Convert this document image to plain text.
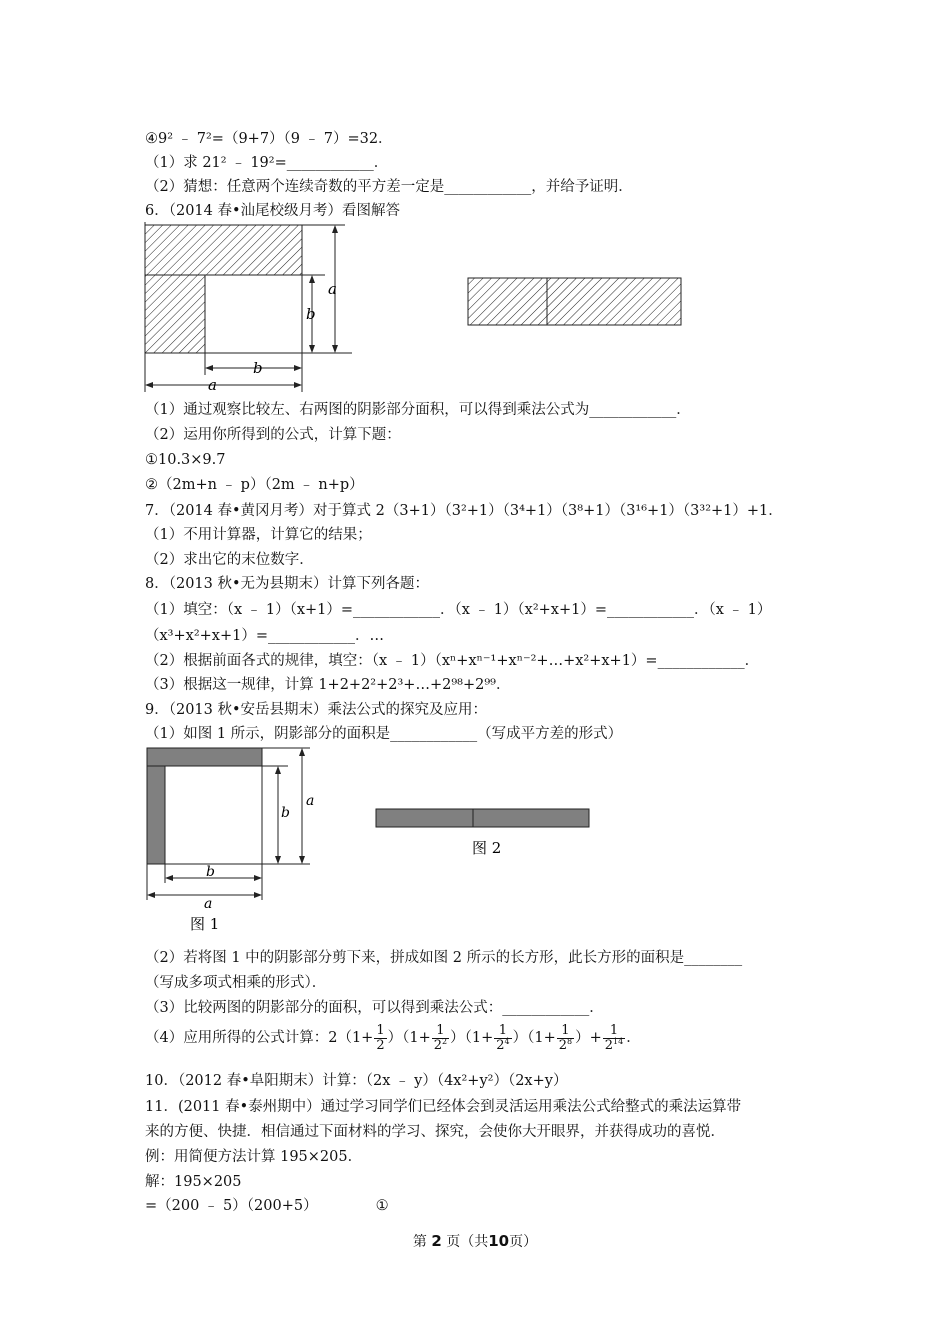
④9² ﹣ 7²=（9+7）（9 ﹣ 7）=32．
（1）求 21² ﹣ 19²=____________．
（2）猜想：任意两个连续奇数的平方差一定是____________，并给予证明．
6．（2014 春•汕尾校级月考）看图解答
a
b
b
a
（1）通过观察比较左、右两图的阴影部分面积，可以得到乘法公式为____________．
（2）运用你所得到的公式，计算下题：
①10.3×9.7
②（2m+n ﹣ p）（2m ﹣ n+p）
7．（2014 春•黄冈月考）对于算式 2（3+1）（3²+1）（3⁴+1）（3⁸+1）（3¹⁶+1）（3³²+1）+1．
（1）不用计算器，计算它的结果；
（2）求出它的末位数字．
8．（2013 秋•无为县期末）计算下列各题：
（1）填空：（x ﹣ 1）（x+1）=____________．（x ﹣ 1）（x²+x+1）=____________．（x ﹣ 1）
（x³+x²+x+1）=____________．…
（2）根据前面各式的规律，填空：（x ﹣ 1）（xⁿ+xⁿ⁻¹+xⁿ⁻²+…+x²+x+1）=____________．
（3）根据这一规律，计算 1+2+2²+2³+…+2⁹⁸+2⁹⁹．
9．（2013 秋•安岳县期末）乘法公式的探究及应用：
（1）如图 1 所示，阴影部分的面积是____________（写成平方差的形式）
a
b
b
a
图 1
图 2
（2）若将图 1 中的阴影部分剪下来，拼成如图 2 所示的长方形，此长方形的面积是________
（写成多项式相乘的形式）．
（3）比较两图的阴影部分的面积，可以得到乘法公式：____________．
（4）应用所得的公式计算：$2(1+ \frac{1}{2} )(1+ \frac{1}{2^2} )(1+ \frac{1}{2^4} )(1+ \frac{1}{2^8}$ ）+ $\frac{1}{2^{14}}$ ．
10．（2012 春•阜阳期末）计算：（2x ﹣ y）（4x²+y²）（2x+y）
11．(2011 春•泰州期中）通过学习同学们已经体会到灵活运用乘法公式给整式的乘法运算带
来的方便、快捷．相信通过下面材料的学习、探究，会使你大开眼界，并获得成功的喜悦．
例：用简便方法计算 195×205．
解：195×205
=（200 ﹣ 5）（200+5）	①
第 2 页（共10页）
